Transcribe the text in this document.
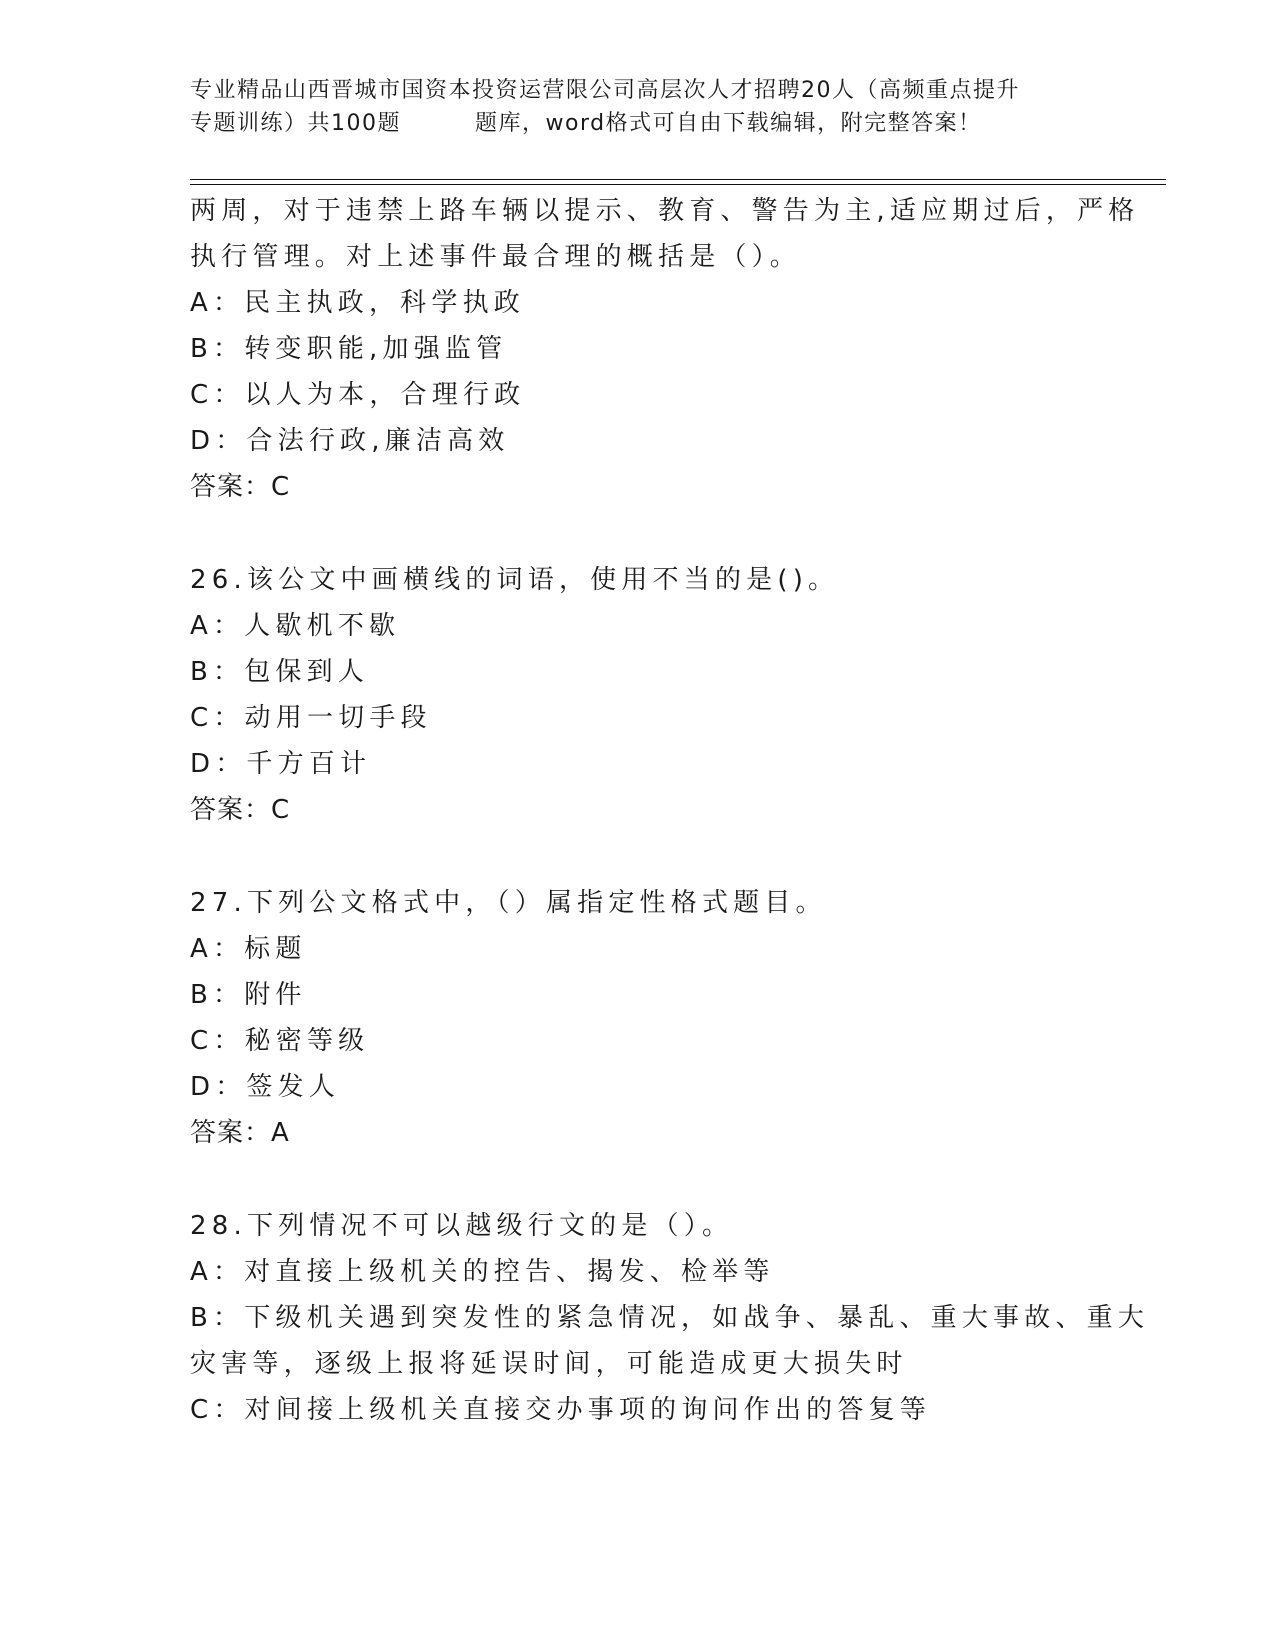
专业精品山西晋城市国资本投资运营限公司高层次人才招聘20人（高频重点提升
专题训练）共100题	题库，word格式可自由下载编辑，附完整答案！
两周，对于违禁上路车辆以提示、教育、警告为主,适应期过后，严格
执行管理。对上述事件最合理的概括是（）。
A：民主执政，科学执政
B：转变职能,加强监管
C：以人为本，合理行政
D：合法行政,廉洁高效
答案：C
26.该公文中画横线的词语，使用不当的是()。
A：人歇机不歇
B：包保到人
C：动用一切手段
D：千方百计
答案：C
27.下列公文格式中，（）属指定性格式题目。
A：标题
B：附件
C：秘密等级
D：签发人
答案：A
28.下列情况不可以越级行文的是（）。
A：对直接上级机关的控告、揭发、检举等
B：下级机关遇到突发性的紧急情况，如战争、暴乱、重大事故、重大
灾害等，逐级上报将延误时间，可能造成更大损失时
C：对间接上级机关直接交办事项的询问作出的答复等
